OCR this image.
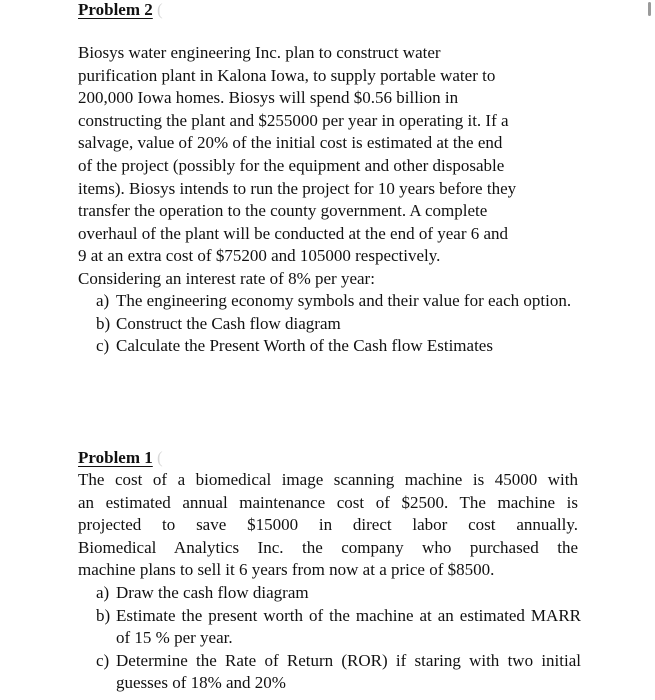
Problem 2 (
Biosys water engineering Inc. plan to construct water
purification plant in Kalona Iowa, to supply portable water to
200,000 Iowa homes. Biosys will spend $0.56 billion in
constructing the plant and $255000 per year in operating it. If a
salvage, value of 20% of the initial cost is estimated at the end
of the project (possibly for the equipment and other disposable
items). Biosys intends to run the project for 10 years before they
transfer the operation to the county government. A complete
overhaul of the plant will be conducted at the end of year 6 and
9 at an extra cost of $75200 and 105000 respectively.
Considering an interest rate of 8% per year:
a) The engineering economy symbols and their value for each option.
b) Construct the Cash flow diagram
c) Calculate the Present Worth of the Cash flow Estimates
Problem 1 (
The cost of a biomedical image scanning machine is 45000 with
an estimated annual maintenance cost of $2500. The machine is
projected to save $15000 in direct labor cost annually.
Biomedical Analytics Inc. the company who purchased the
machine plans to sell it 6 years from now at a price of $8500.
a) Draw the cash flow diagram
b) Estimate the present worth of the machine at an estimated MARR of 15 % per year.
c) Determine the Rate of Return (ROR) if staring with two initial guesses of 18% and 20%
